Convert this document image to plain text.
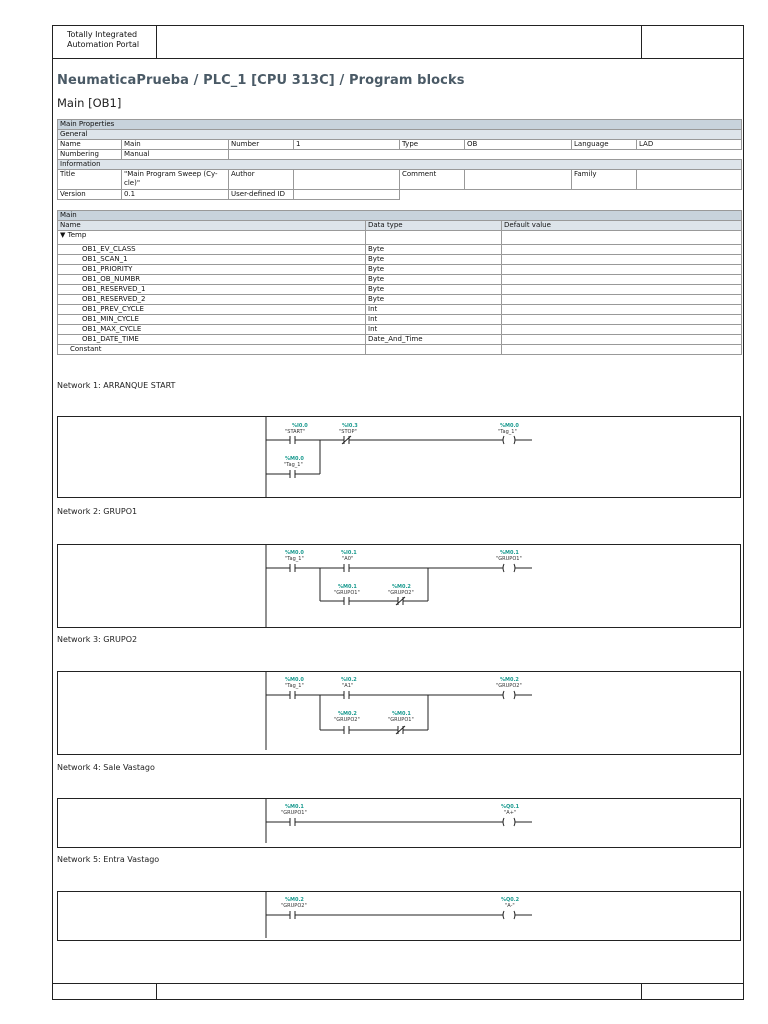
Totally Integrated
Automation Portal
NeumaticaPrueba / PLC_1 [CPU 313C] / Program blocks
Main [OB1]
Main Properties							
General							
Name	Main	Number	1	Type	OB	Language	LAD
Numbering	Manual						
Information							
Title	"Main Program Sweep (Cy-
cle)"	Author		Comment		Family	
Version	0.1	User-defined ID					
Main		
Name	Data type	Default value
▼ Temp		
OB1_EV_CLASS	Byte	
OB1_SCAN_1	Byte	
OB1_PRIORITY	Byte	
OB1_OB_NUMBR	Byte	
OB1_RESERVED_1	Byte	
OB1_RESERVED_2	Byte	
OB1_PREV_CYCLE	Int	
OB1_MIN_CYCLE	Int	
OB1_MAX_CYCLE	Int	
OB1_DATE_TIME	Date_And_Time	
Constant		
Network 1: ARRANQUE START
%I0.0
"START"
%I0.3
"STOP"
%M0.0
"Tag_1"
%M0.0
"Tag_1"
Network 2: GRUPO1
%M0.0
"Tag_1"
%I0.1
"A0"
%M0.1
"GRUPO1"
%M0.1
"GRUPO1"
%M0.2
"GRUPO2"
Network 3: GRUPO2
%M0.0
"Tag_1"
%I0.2
"A1"
%M0.2
"GRUPO2"
%M0.2
"GRUPO2"
%M0.1
"GRUPO1"
Network 4: Sale Vastago
%M0.1
"GRUPO1"
%Q0.1
"A+"
Network 5: Entra Vastago
%M0.2
"GRUPO2"
%Q0.2
"A-"
